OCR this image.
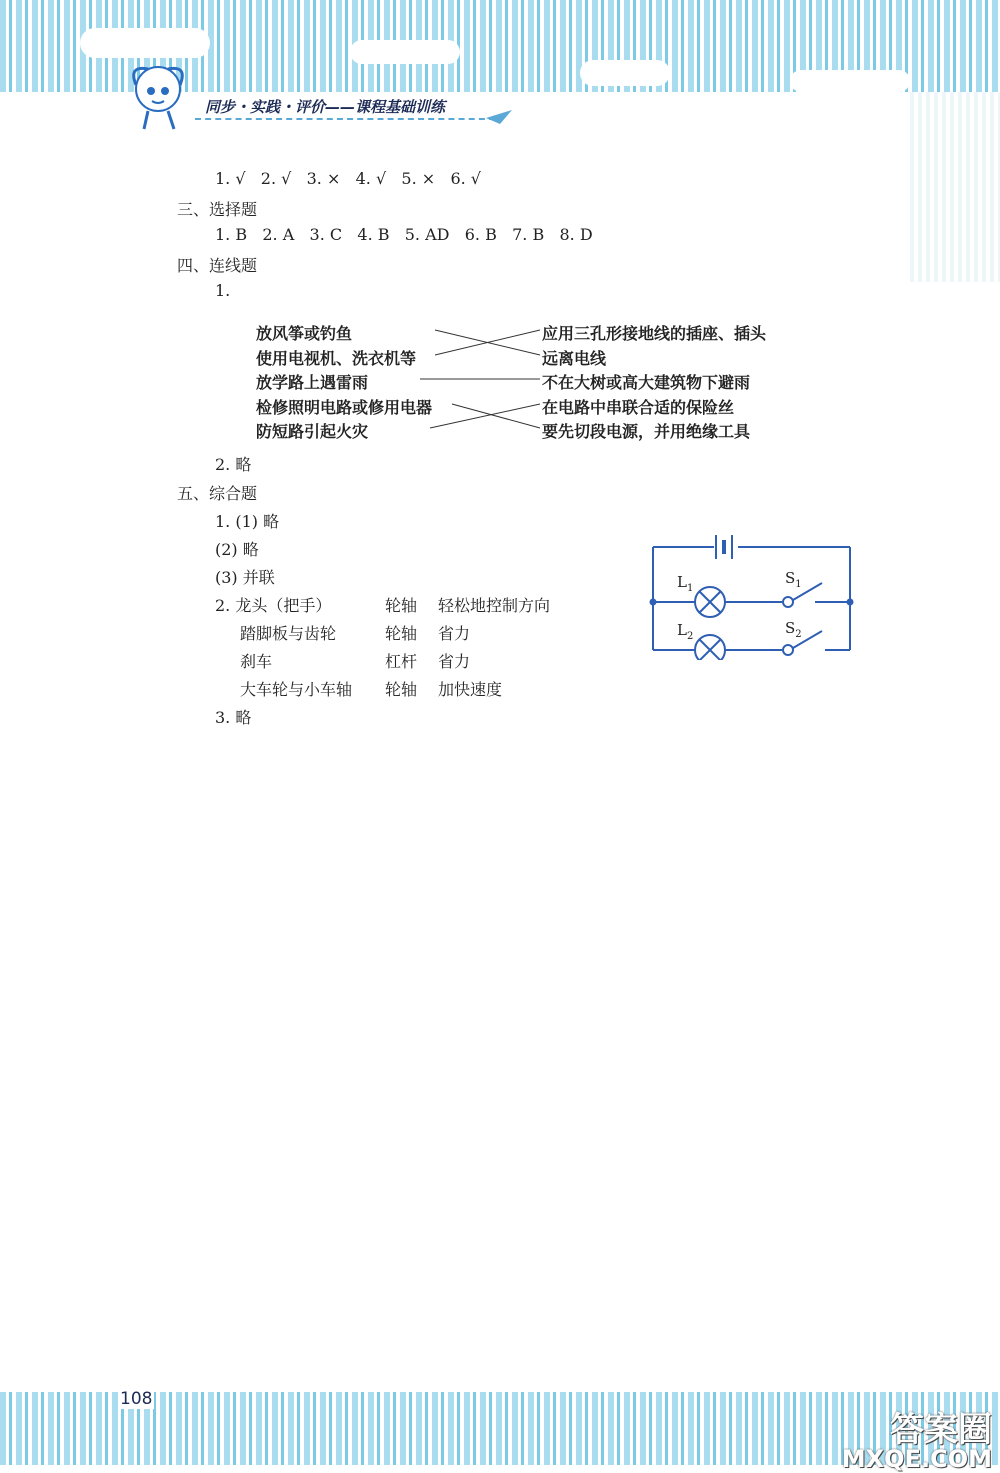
同步・实践・评价——课程基础训练
1. √   2. √   3. ×   4. √   5. ×   6. √
三、选择题
1. B   2. A   3. C   4. B   5. AD   6. B   7. B   8. D
四、连线题
1.
放风筝或钓鱼
使用电视机、洗衣机等
放学路上遇雷雨
检修照明电路或修用电器
防短路引起火灾
应用三孔形接地线的插座、插头
远离电线
不在大树或高大建筑物下避雨
在电路中串联合适的保险丝
要先切段电源，并用绝缘工具
2. 略
五、综合题
1. (1) 略
(2) 略
(3) 并联
2. 龙头（把手）	轮轴 轻松地控制方向
踏脚板与齿轮	轮轴 省力
刹车	杠杆 省力
大车轮与小车轴 轮轴 加快速度
3. 略
$L_1$
$L_2$
$S_1$
$S_2$
108
答案圈
MXQE.COM
